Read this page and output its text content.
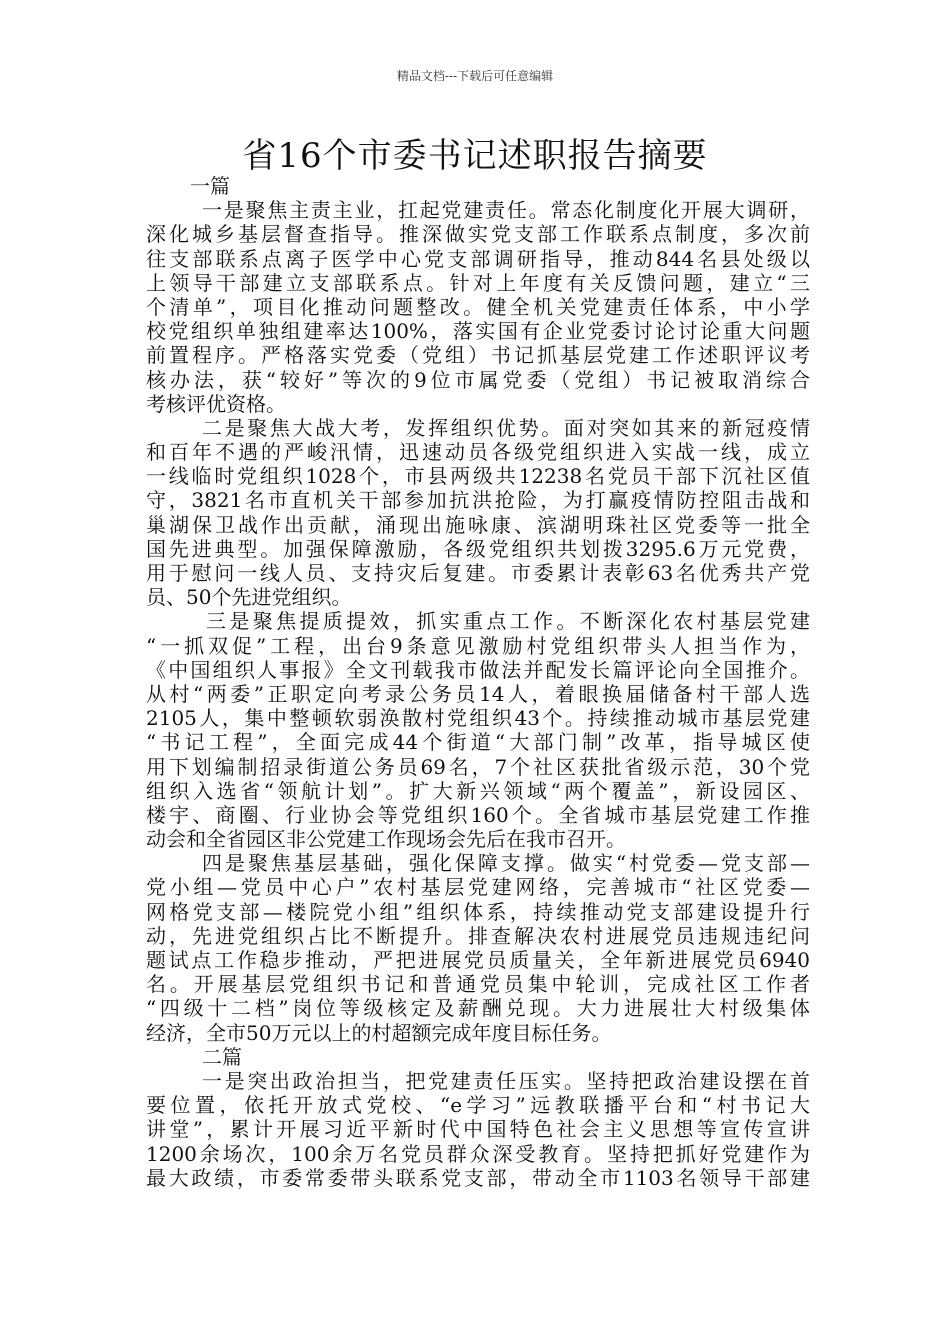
精品文档---下载后可任意编辑
省16个市委书记述职报告摘要
一篇
一是聚焦主责主业，扛起党建责任。常态化制度化开展大调研，
深化城乡基层督查指导。推深做实党支部工作联系点制度，多次前
往支部联系点离子医学中心党支部调研指导，推动844名县处级以
上领导干部建立支部联系点。针对上年度有关反馈问题，建立“三
个清单”，项目化推动问题整改。健全机关党建责任体系，中小学
校党组织单独组建率达100%，落实国有企业党委讨论讨论重大问题
前置程序。严格落实党委（党组）书记抓基层党建工作述职评议考
核办法，获“较好”等次的9位市属党委（党组）书记被取消综合
考核评优资格。
二是聚焦大战大考，发挥组织优势。面对突如其来的新冠疫情
和百年不遇的严峻汛情，迅速动员各级党组织进入实战一线，成立
一线临时党组织1028个，市县两级共12238名党员干部下沉社区值
守，3821名市直机关干部参加抗洪抢险，为打赢疫情防控阻击战和
巢湖保卫战作出贡献，涌现出施咏康、滨湖明珠社区党委等一批全
国先进典型。加强保障激励，各级党组织共划拨3295.6万元党费，
用于慰问一线人员、支持灾后复建。市委累计表彰63名优秀共产党
员、50个先进党组织。
三是聚焦提质提效，抓实重点工作。不断深化农村基层党建
“一抓双促”工程，出台9条意见激励村党组织带头人担当作为，
《中国组织人事报》全文刊载我市做法并配发长篇评论向全国推介。
从村“两委”正职定向考录公务员14人，着眼换届储备村干部人选
2105人，集中整顿软弱涣散村党组织43个。持续推动城市基层党建
“书记工程”，全面完成44个街道“大部门制”改革，指导城区使
用下划编制招录街道公务员69名，7个社区获批省级示范，30个党
组织入选省“领航计划”。扩大新兴领域“两个覆盖”，新设园区、
楼宇、商圈、行业协会等党组织160个。全省城市基层党建工作推
动会和全省园区非公党建工作现场会先后在我市召开。
四是聚焦基层基础，强化保障支撑。做实“村党委—党支部—
党小组—党员中心户”农村基层党建网络，完善城市“社区党委—
网格党支部—楼院党小组”组织体系，持续推动党支部建设提升行
动，先进党组织占比不断提升。排查解决农村进展党员违规违纪问
题试点工作稳步推动，严把进展党员质量关，全年新进展党员6940
名。开展基层党组织书记和普通党员集中轮训，完成社区工作者
“四级十二档”岗位等级核定及薪酬兑现。大力进展壮大村级集体
经济，全市50万元以上的村超额完成年度目标任务。
二篇
一是突出政治担当，把党建责任压实。坚持把政治建设摆在首
要位置，依托开放式党校、“e学习”远教联播平台和“村书记大
讲堂”，累计开展习近平新时代中国特色社会主义思想等宣传宣讲
1200余场次，100余万名党员群众深受教育。坚持把抓好党建作为
最大政绩，市委常委带头联系党支部，带动全市1103名领导干部建
